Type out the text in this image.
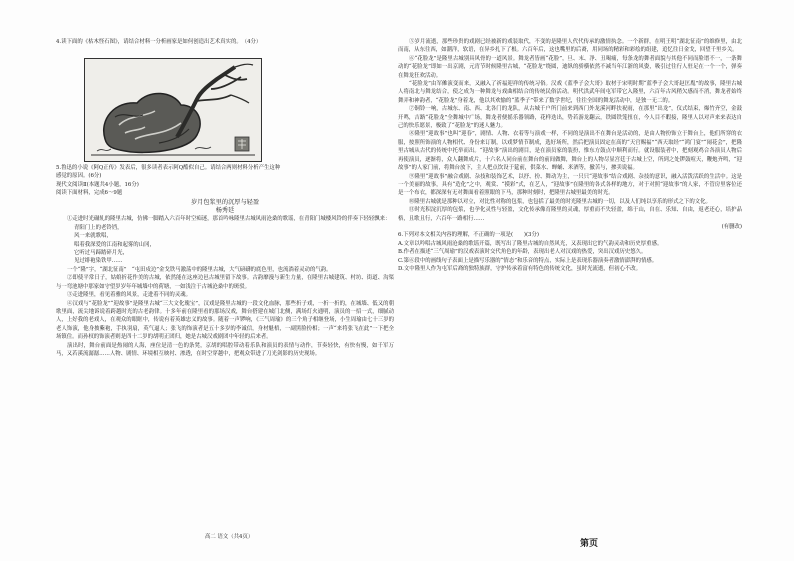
4.读下面的《枯木怪石图》，请结合材料一分析画家是如何创造出艺术真实的。　（4分）

5.鲁迅的小说《阿Q正传》发表后，很多读者表示阿Q酷似自己。请结合两则材料分析产生这种

感觉的原因。(6分)

现代文阅读Ⅱ(本题共4小题，16分)

阅读下面材料，完成6～9题

岁月包浆里的沉厚与轻盈

杨秀廷

①走进时光碾轧的隆里古城，仿佛一脚踏入六百年时空痴迷，那首吟咏隆里古城风雨沧桑的歌谣，在青阳门城楼风铃的伴奏下轻轻飘来：

青阳门上的老铃铛，

风一来就歌唱，

唱着我深爱的江南和起雾的山冈，

它听过马蹄踏碎月光，

见过绯袍染铁甲……

一个“隆”字，“湖北征南”　“屯田戍边”金戈铁马激荡中的隆里古城，大气磅礴的底色里，也流淌着灵动的气韵。

②即使平常日子，姑娘折花作美的古城，依然能在这座边邑古城里留下故事。古韵靡漫与新生力量，在隆里古城建筑、村坊、街道、沟渠与一弯池塘中那家如守望岁岁年年城墙中的荷塘，一如浅注于古城沧桑中的斑驳。

③走进隆里，看见着雅的风景，走进着不同的灵魂。

④汉戏与“花脸龙”“迎故事”是隆里古城“三大文化瑰宝”，汉戏是隆里古城的一段文化血脉，那些折子戏，一折一折的，在城墙、低又的朝歌里面，流尖地诉说着跨越时光的古老韵律。十多年前在隆里看的那场汉戏，舞台搭建在城门北侧，满场灯火通明，演员的一招一式，细腻动人，上好我的老戏人，在观众的眼眶中，传说有着英雄忠义的故事。随着一声锣响，《三气周瑜》的三个角子相继登场，小生周瑜由七十三岁的老人饰演，他身披紫袍，手执羽扇，英气逼人；张飞的饰演者是五十多岁的李诚信，身材魁梧，一副黑脸扮相；一声“来将张飞在此”一下把全场镇住。而孙权的饰演者则是四十二岁的胡明正团归，她是古城汉戏剧团中年轻的后来者。

演出时，舞台前面是热闹的人海，座位是清一色的条凳，京胡的唱腔带动着乐队和演员的表情与动作，节奏轻快，有快有慢，如千军万马，又若溪流潺潺……人物、剧情、环境相互映衬、渗透，在时空穿越中，把观众带进了刀光剑影的历史现场。

高二 语文（共4页）

⑤岁月流逝，那些珍贵的戏剧已经被新的戏装取代，不变的是隆里人代代传承的激情执念。一个新群，在明王明“湖北征南”的维修里，由北而南，从东往西，如潮洋，软语，在异乡扎下了根。六百年后，这也嘴里的后裔，用同场的精彩和彩绘的组建，追忆往日金戈，回望千里乡关。

⑥“花脸龙”是隆里古城别具风骨的一道风景。舞龙者皆画“花脸”，旦、末、净、丑喝痛，每条龙的舞者面貌与其他不同而脸谱不一，一条舞动的“花脸龙”即如一出京剧，元宵节时候隆里古城，“花脸龙”绕圆，迪纵的骄横依然不减当年江浙的风姿，吸引过往行人驻足在一个一个，弹奏在舞龙狂欢活动。

“花脸龙”由军傩演变而来，又融入了祈福迎祥的传统习俗。汉戏《蓝季子会大哥》取材于宋明时期“蓝季子会大哥赵匡胤”的故事，隆里古城人将南北与舞龙结合，使之成为一种舞龙与戏曲相结合的传统民俗活动。明代洪武年间屯军带它入隆里，六百年古风稍欠感而不消，舞龙者始终舞弄和神韵者，“花脸龙”身着龙，他以其欢愉的“蓝季子”带来了数学世纪，往往全国的舞龙活动中，是独一无二的。

⑦铜铃一响，古城东、南、西、北各门的龙队，从古城千户所门前来到西门外龙溪河畔扶祝雨，在那里“出龙”，仪式结束，爆竹齐空，金鼓开鸣，吉路“花脸龙”全舞城中广场，舞龙者便摇乐器领路，花样迭出，势若游龙翻云，铁圆铁笼扭在，今人目不暇接，隆里人以对声来来表达自己的快乐愿景，极致了“花脸龙”的迷人魅力。

⑧隆里“迎故事”也叫“迎春”，剧情、人物、衣着等与演戏一样，不同的是演出不在舞台是活动的，是由人物扮饰立于舞台上，他们所穿的衣服，按照所饰演的人物相代、身份来订制，以戏梦情节制成，选好场所，然后把演员固定在高的“天官赐福”“西天取经”“鸿门宴”“闹花会”，把隆里古城从古代的传统中托举而出。“迎故事”演出的剧目，是在演员家的装扮，惟东方鼓点中顺利而行。就设服装者中，把刻观鸡合各演员人物后再使演员，逐渐将，众人翻舞成片，十六名人同台前在舞台的前间做舞，舞台上的人物尽显宫廷于古城上空，所到之处锣鼓喧天，鞭炮齐鸣，“迎故事”的人家门前，将舞台放下，主人把点饮设于筵前，供菜水、蝉蛹、米酒等，撤苦与，掺卖说福。

⑨隆里“迎故事”融合戏剧、杂技和装饰艺术，以抒、扮、舞动为主，一只只“迎故事”结合戏剧、杂技的意识，融入活泼活跃的生活中。这是一个美丽的故事，具有“造化”之中，观赏、“摸彩”式，在艺人，“迎故事”在隆里的各式各样的地方，对于对照“迎故事”的人家，不管房里客位还是一个布衣，都深深有无对舞面看着照眼的下马，那种时刻时，把隆里古城里最美的时光。

⑩隆里古城就是那种以对立，对比性对称的包浆，也包括了最美的时光隆里古城的一切，以及人们纯以享乐的形式之下的文化。

⑪时光积淀沉厚的包浆，也孕化灵性与轻盈，文化传承像育隆里的灵魂，厚重而不失轻盈，绵于山，自在、乐知、自由，返老还心，培护品格，且歌且行，六百年一路相行……

(有删改)

6.下列对本文相关内容的理解，不正确的一项是(　　)(3分)

A.文章以吟唱古城风雨沧桑的歌谣开篇，既写出了隆里古城的自然风光，又表现出它的气韵灵动和历史厚重感。

B.作者在描述“三气周瑜”的汉戏表演时交代角色的年龄，表现出老人对汉戏的热爱，突出汉戏历史悠久。

C.第⑥段中的画线句子表面上是描写乐器的“情态”和乐音的特点，实际上是表现乐器演奏者激情澎湃的情感。

D.文中隆里人作为屯军后裔的独特族群，守护传承着富有特色的传统文化，虽时光流逝，但初心不改。

第页
